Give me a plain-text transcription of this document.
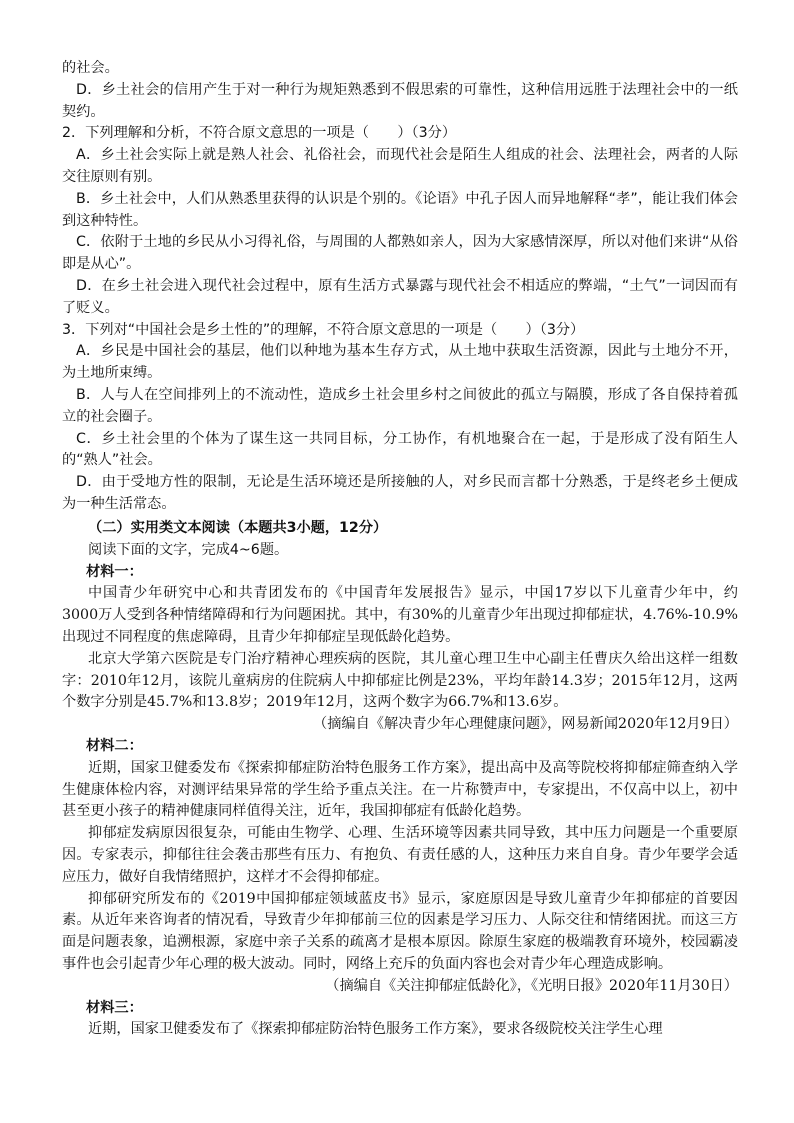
的社会。

D．乡土社会的信用产生于对一种行为规矩熟悉到不假思索的可靠性，这种信用远胜于法理社会中的一纸契约。

2．下列理解和分析，不符合原文意思的一项是（　　）（3分）

A．乡土社会实际上就是熟人社会、礼俗社会，而现代社会是陌生人组成的社会、法理社会，两者的人际交往原则有别。

B．乡土社会中，人们从熟悉里获得的认识是个别的。《论语》中孔子因人而异地解释“孝”，能让我们体会到这种特性。

C．依附于土地的乡民从小习得礼俗，与周围的人都熟如亲人，因为大家感情深厚，所以对他们来讲“从俗即是从心”。

D．在乡土社会进入现代社会过程中，原有生活方式暴露与现代社会不相适应的弊端，“土气”一词因而有了贬义。

3．下列对“中国社会是乡土性的”的理解，不符合原文意思的一项是（　　）（3分）

A．乡民是中国社会的基层，他们以种地为基本生存方式，从土地中获取生活资源，因此与土地分不开，为土地所束缚。

B．人与人在空间排列上的不流动性，造成乡土社会里乡村之间彼此的孤立与隔膜，形成了各自保持着孤立的社会圈子。

C．乡土社会里的个体为了谋生这一共同目标，分工协作，有机地聚合在一起，于是形成了没有陌生人的“熟人”社会。

D．由于受地方性的限制，无论是生活环境还是所接触的人，对乡民而言都十分熟悉，于是终老乡土便成为一种生活常态。

（二）实用类文本阅读（本题共3小题，12分）

阅读下面的文字，完成4~6题。

材料一：

中国青少年研究中心和共青团发布的《中国青年发展报告》显示，中国17岁以下儿童青少年中，约3000万人受到各种情绪障碍和行为问题困扰。其中，有30%的儿童青少年出现过抑郁症状，4.76%-10.9%出现过不同程度的焦虑障碍，且青少年抑郁症呈现低龄化趋势。

北京大学第六医院是专门治疗精神心理疾病的医院，其儿童心理卫生中心副主任曹庆久给出这样一组数字：2010年12月，该院儿童病房的住院病人中抑郁症比例是23%，平均年龄14.3岁；2015年12月，这两个数字分别是45.7%和13.8岁；2019年12月，这两个数字为66.7%和13.6岁。

（摘编自《解决青少年心理健康问题》，网易新闻2020年12月9日）

材料二：

近期，国家卫健委发布《探索抑郁症防治特色服务工作方案》，提出高中及高等院校将抑郁症筛查纳入学生健康体检内容，对测评结果异常的学生给予重点关注。在一片称赞声中，专家提出，不仅高中以上，初中甚至更小孩子的精神健康同样值得关注，近年，我国抑郁症有低龄化趋势。

抑郁症发病原因很复杂，可能由生物学、心理、生活环境等因素共同导致，其中压力问题是一个重要原因。专家表示，抑郁往往会袭击那些有压力、有抱负、有责任感的人，这种压力来自自身。青少年要学会适应压力，做好自我情绪照护，这样才不会得抑郁症。

抑郁研究所发布的《2019中国抑郁症领域蓝皮书》显示，家庭原因是导致儿童青少年抑郁症的首要因素。从近年来咨询者的情况看，导致青少年抑郁前三位的因素是学习压力、人际交往和情绪困扰。而这三方面是问题表象，追溯根源，家庭中亲子关系的疏离才是根本原因。除原生家庭的极端教育环境外，校园霸凌事件也会引起青少年心理的极大波动。同时，网络上充斥的负面内容也会对青少年心理造成影响。

（摘编自《关注抑郁症低龄化》，《光明日报》2020年11月30日）

材料三：

近期，国家卫健委发布了《探索抑郁症防治特色服务工作方案》，要求各级院校关注学生心理
